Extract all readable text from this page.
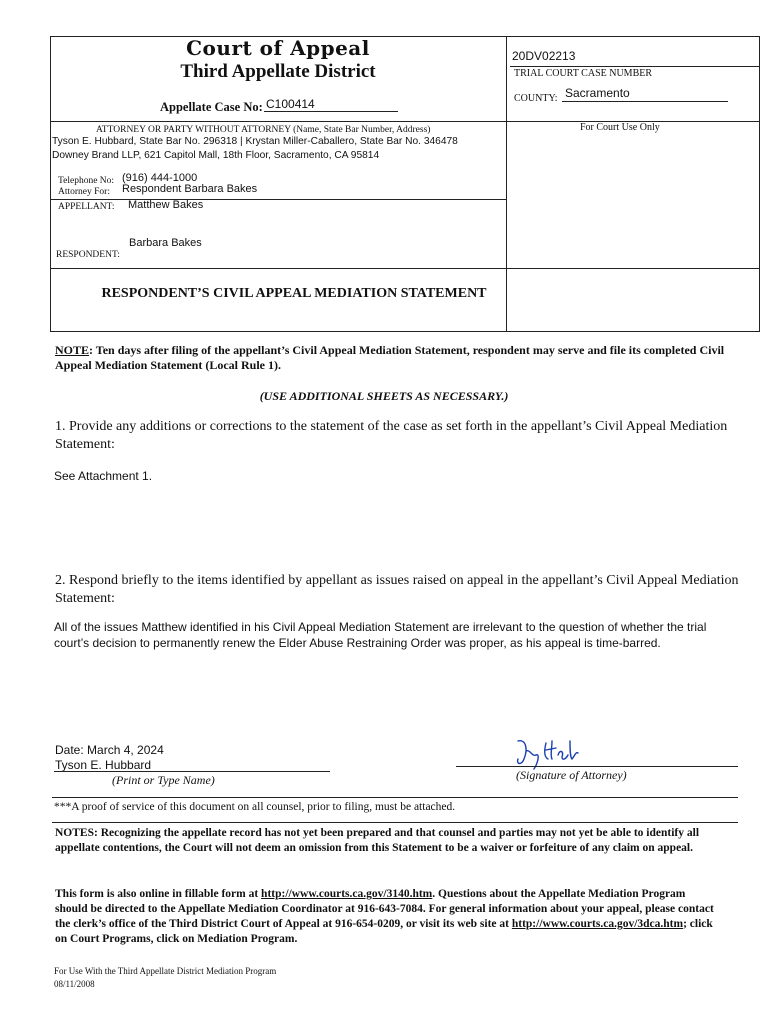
Court of Appeal
Third Appellate District
Appellate Case No: C100414
20DV02213
TRIAL COURT CASE NUMBER
COUNTY: Sacramento
For Court Use Only
ATTORNEY OR PARTY WITHOUT ATTORNEY (Name, State Bar Number, Address)
Tyson E. Hubbard, State Bar No. 296318 | Krystan Miller-Caballero, State Bar No. 346478
Downey Brand LLP, 621 Capitol Mall, 18th Floor, Sacramento, CA 95814
Telephone No: (916) 444-1000
Attorney For: Respondent Barbara Bakes
APPELLANT: Matthew Bakes
Barbara Bakes
RESPONDENT:
RESPONDENT’S CIVIL APPEAL MEDIATION STATEMENT
NOTE: Ten days after filing of the appellant’s Civil Appeal Mediation Statement, respondent may serve and file its completed Civil Appeal Mediation Statement (Local Rule 1).
(USE ADDITIONAL SHEETS AS NECESSARY.)
1. Provide any additions or corrections to the statement of the case as set forth in the appellant’s Civil Appeal Mediation Statement:
See Attachment 1.
2. Respond briefly to the items identified by appellant as issues raised on appeal in the appellant’s Civil Appeal Mediation Statement:
All of the issues Matthew identified in his Civil Appeal Mediation Statement are irrelevant to the question of whether the trial court’s decision to permanently renew the Elder Abuse Restraining Order was proper, as his appeal is time-barred.
Date: March 4, 2024
Tyson E. Hubbard
(Print or Type Name)	(Signature of Attorney)
***A proof of service of this document on all counsel, prior to filing, must be attached.
NOTES: Recognizing the appellate record has not yet been prepared and that counsel and parties may not yet be able to identify all appellate contentions, the Court will not deem an omission from this Statement to be a waiver or forfeiture of any claim on appeal.
This form is also online in fillable form at http://www.courts.ca.gov/3140.htm. Questions about the Appellate Mediation Program should be directed to the Appellate Mediation Coordinator at 916-643-7084. For general information about your appeal, please contact the clerk’s office of the Third District Court of Appeal at 916-654-0209, or visit its web site at http://www.courts.ca.gov/3dca.htm; click on Court Programs, click on Mediation Program.
For Use With the Third Appellate District Mediation Program
08/11/2008
